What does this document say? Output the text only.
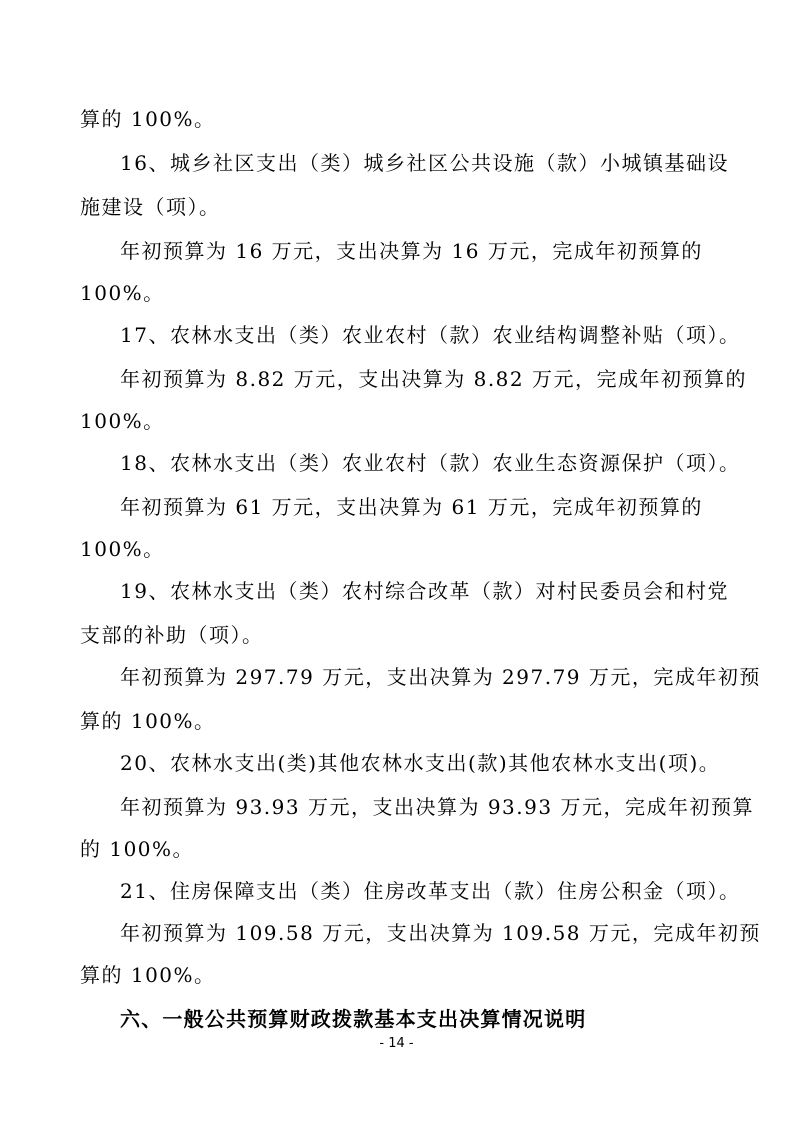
算的 100%。
16、城乡社区支出（类）城乡社区公共设施（款）小城镇基础设
施建设（项）。
年初预算为 16 万元，支出决算为 16 万元，完成年初预算的
100%。
17、农林水支出（类）农业农村（款）农业结构调整补贴（项）。
年初预算为 8.82 万元，支出决算为 8.82 万元，完成年初预算的
100%。
18、农林水支出（类）农业农村（款）农业生态资源保护（项）。
年初预算为 61 万元，支出决算为 61 万元，完成年初预算的
100%。
19、农林水支出（类）农村综合改革（款）对村民委员会和村党
支部的补助（项）。
年初预算为 297.79 万元，支出决算为 297.79 万元，完成年初预
算的 100%。
20、农林水支出(类)其他农林水支出(款)其他农林水支出(项)。
年初预算为 93.93 万元，支出决算为 93.93 万元，完成年初预算
的 100%。
21、住房保障支出（类）住房改革支出（款）住房公积金（项）。
年初预算为 109.58 万元，支出决算为 109.58 万元，完成年初预
算的 100%。
六、一般公共预算财政拨款基本支出决算情况说明
- 14 -
